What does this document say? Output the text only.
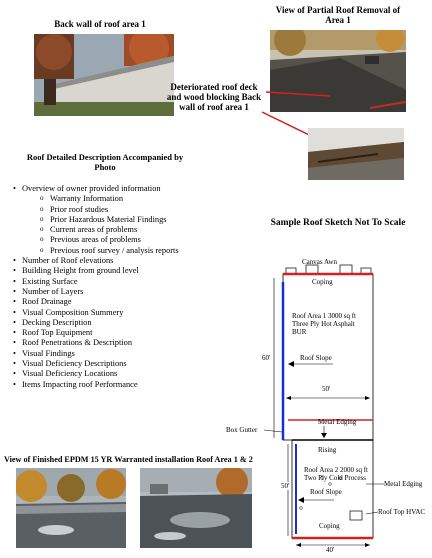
Back wall of roof area 1
View of Partial Roof Removal of Area 1
Deteriorated roof deck and wood blocking Back wall of roof area 1
Roof Detailed Description Accompanied by Photo
• Overview of owner provided information
o Warranty Information
o Prior roof studies
o Prior Hazardous Material Findings
o Current areas of problems
o Previous areas of problems
o Previous roof survey / analysis reports
• Number of Roof elevations
• Building Height from ground level
• Existing Surface
• Number of Layers
• Roof Drainage
• Visual Composition Summery
• Decking Description
• Roof Top Equipment
• Roof Penetrations & Description
• Visual Findings
• Visual Deficiency Descriptions
• Visual Deficiency Locations
• Items Impacting roof Performance
Sample Roof Sketch Not To Scale
Canvas Awn
Coping
Roof Area 1 3000 sq ft Three Ply Hot Asphalt BUR
Roof Slope
60'
50'
Metal Edging
Box Gutter
Rising
Roof Area 2 2000 sq ft Two Ply Cold Process
Metal Edging
50'
Roof Slope
Roof Top HVAC
Coping
40'
View of Finished EPDM 15 YR Warranted installation Roof Area 1 & 2
